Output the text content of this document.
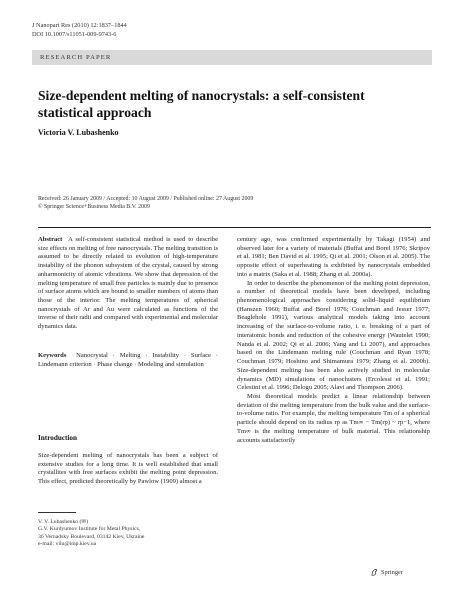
J Nanopart Res (2010) 12:1837–1844
DOI 10.1007/s11051-009-9743-6
RESEARCH PAPER
Size-dependent melting of nanocrystals: a self-consistent
statistical approach
Victoria V. Lubashenko
Received: 26 January 2009 / Accepted: 10 August 2009 / Published online: 27 August 2009
© Springer Science+Business Media B.V. 2009

Abstract A self-consistent statistical method is used to describe size effects on melting of free nanocrystals. The melting transition is assumed to be directly related to evolution of high-temperature instability of the phonon subsystem of the crystal, caused by strong anharmonicity of atomic vibrations. We show that depression of the melting temperature of small free particles is mainly due to presence of surface atoms which are bound to smaller numbers of atoms than those of the interior. The melting temperatures of spherical nanocrystals of Ar and Au were calculated as functions of the inverse of their radii and compared with experimental and molecular dynamics data.

Keywords Nanocrystal · Melting · Instability · Surface · Lindemann criterion · Phase change · Modeling and simulation

Introduction
Size-dependent melting of nanocrystals has been a subject of extensive studies for a long time. It is well established that small crystallites with free surfaces exhibit the melting point depression. This effect, predicted theoretically by Pawlow (1909) almost a
V. V. Lubashenko (✉)
G.V. Kurdyumov Institute for Metal Physics,
36 Vernadsky Boulevard, 03142 Kiev, Ukraine
e-mail: vilu@imp.kiev.ua

century ago, was confirmed experimentally by Takagi (1954) and observed later for a variety of materials (Buffat and Borel 1976; Skripov et al. 1981; Ben David et al. 1995; Qi et al. 2001; Olson et al. 2005). The opposite effect of superheating is exhibited by nanocrystals embedded into a matrix (Saka et al. 1988; Zhang et al. 2000a).

In order to describe the phenomenon of the melting point depression, a number of theoretical models have been developed, including phenomenological approaches considering solid–liquid equilibrium (Hanszen 1960; Buffat and Borel 1976; Couchman and Jesser 1977; Beaglehole 1991), various analytical models taking into account increasing of the surface-to-volume ratio, i. e. breaking of a part of interatomic bonds and reduction of the cohesive energy (Wautelet 1990; Nanda et al. 2002; Qi et al. 2006; Yang and Li 2007), and approaches based on the Lindemann melting rule (Couchman and Ryan 1978; Couchman 1979; Hoshino and Shimamura 1979; Zhang et al. 2000b). Size-dependent melting has been also actively studied in molecular dynamics (MD) simulations of nanoclusters (Ercolessi et al. 1991; Celestini et al. 1996; Delogu 2005; Alavi and Thompson 2006).

Most theoretical models predict a linear relationship between deviation of the melting temperature from the bulk value and the surface-to-volume ratio. For example, the melting temperature Tm of a spherical particle should depend on its radius rp as Tm∞ − Tm(rp) ~ rp−1, where Tm∞ is the melting temperature of bulk material. This relationship accounts satisfactorily

Springer
